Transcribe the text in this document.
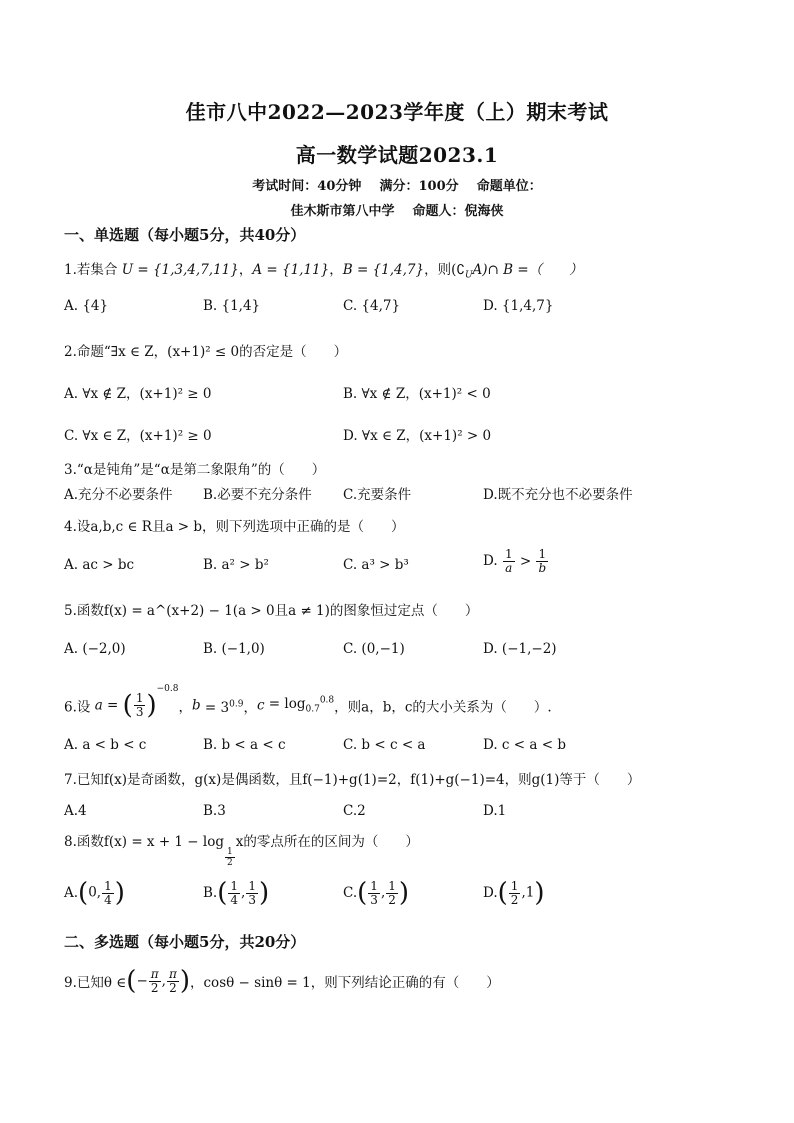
佳市八中2022—2023学年度（上）期末考试
高一数学试题2023.1
考试时间：40分钟    满分：100分    命题单位：
佳木斯市第八中学    命题人：倪海侠
一、单选题（每小题5分，共40分）
1.若集合 U = {1,3,4,7,11}，A = {1,11}，B = {1,4,7}，则$(∁_UA)\cap$ B =（　　）
A. {4}	B. {1,4}	C. {4,7}	D. {1,4,7}
2.命题“∃x ∈ Z，(x+1)² ≤ 0的否定是（　　）
A. ∀x ∉ Z，(x+1)² ≥ 0	B. ∀x ∉ Z，(x+1)² < 0
C. ∀x ∈ Z，(x+1)² ≥ 0	D. ∀x ∈ Z，(x+1)² > 0
3.“α是钝角”是“α是第二象限角”的（　　）
A.充分不必要条件 B.必要不充分条件 C.充要条件	D.既不充分也不必要条件
4.设a,b,c ∈ R且a > b，则下列选项中正确的是（　　）
A. ac > bc	B. a² > b²	C. a³ > b³	D. $\frac{1}{a} > \frac{1}{b}$
5.函数f(x) = a^(x+2) − 1(a > 0且a ≠ 1)的图象恒过定点（　　）
A. (−2,0)	B. (−1,0)	C. (0,−1)	D. (−1,−2)
6.设 a = ( $\frac{1}{3} )^{-0.8}$，$b = 3^{0.9}$，$c = \log_{0.7}^{0.8}$，则a，b，c的大小关系为（　　）.
A. a < b < c	B. b < a < c	C. b < c < a	D. c < a < b
7.已知f(x)是奇函数，g(x)是偶函数，且f(−1)+g(1)=2，f(1)+g(−1)=4，则g(1)等于（　　）
A.4	B.3	C.2	D.1
8.函数f(x) = x + 1 − log
$\frac{1}{2}$
x的零点所在的区间为（　　）
A.(0, $\frac{1}{4}$ )	$B.( \frac{1}{4}$ , $\frac{1}{3}$ )	$C.( \frac{1}{3}$ , $\frac{1}{2}$ )	$D.( \frac{1}{2} ,1)$
二、多选题（每小题5分，共20分）
9.已知θ ∈(− $\frac{\pi}{2}$ , $\frac{\pi}{2}$ )，cosθ − sinθ = 1，则下列结论正确的有（　　）
